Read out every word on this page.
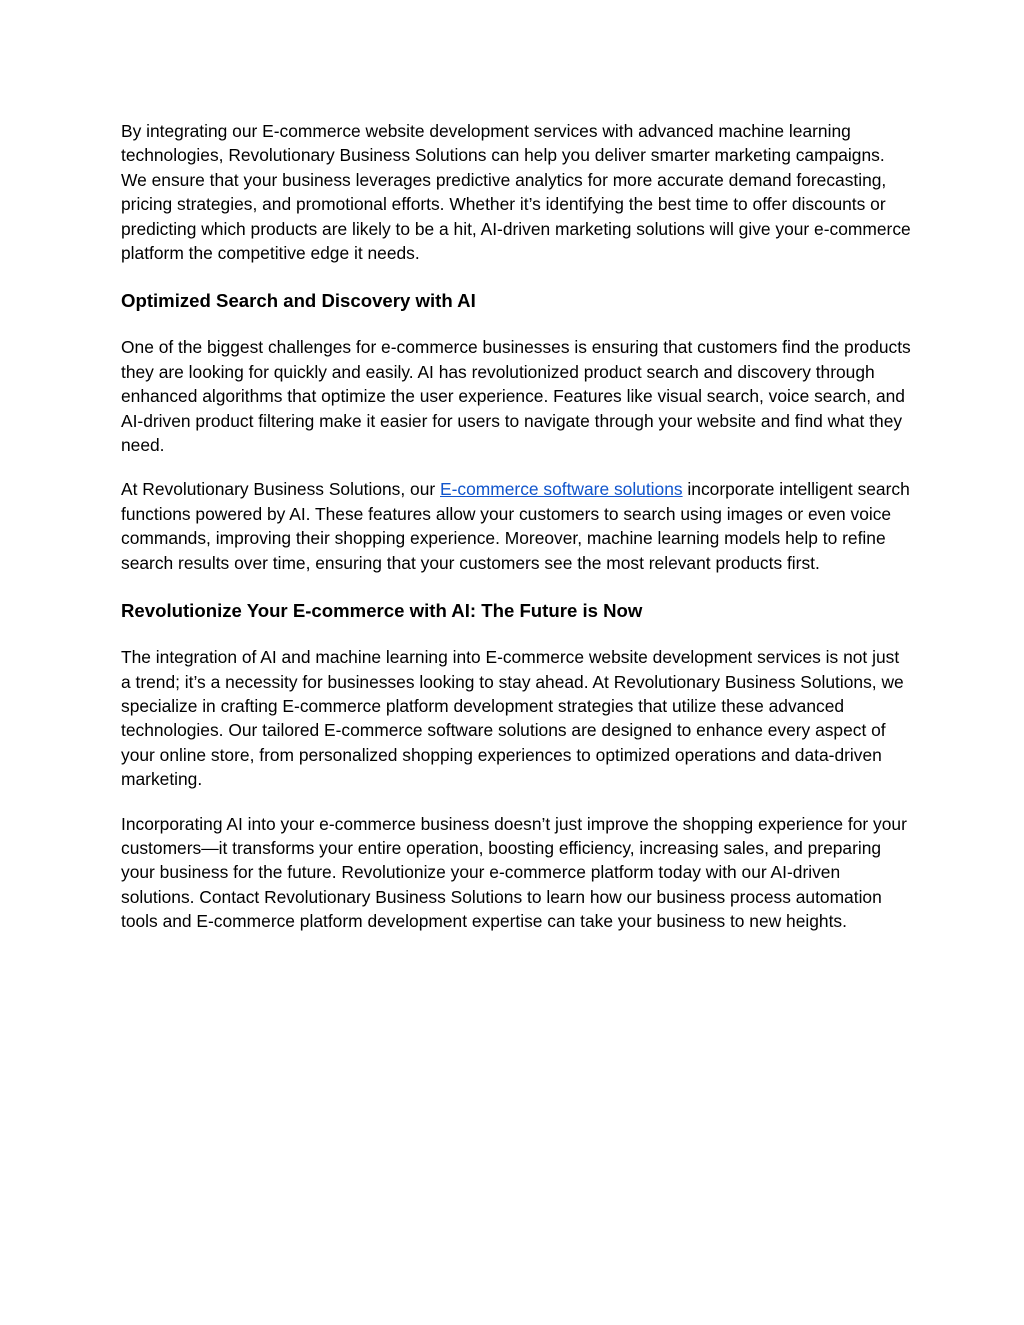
By integrating our E-commerce website development services with advanced machine learning technologies, Revolutionary Business Solutions can help you deliver smarter marketing campaigns. We ensure that your business leverages predictive analytics for more accurate demand forecasting, pricing strategies, and promotional efforts. Whether it’s identifying the best time to offer discounts or predicting which products are likely to be a hit, AI-driven marketing solutions will give your e-commerce platform the competitive edge it needs.

Optimized Search and Discovery with AI

One of the biggest challenges for e-commerce businesses is ensuring that customers find the products they are looking for quickly and easily. AI has revolutionized product search and discovery through enhanced algorithms that optimize the user experience. Features like visual search, voice search, and AI-driven product filtering make it easier for users to navigate through your website and find what they need.

At Revolutionary Business Solutions, our E-commerce software solutions incorporate intelligent search functions powered by AI. These features allow your customers to search using images or even voice commands, improving their shopping experience. Moreover, machine learning models help to refine search results over time, ensuring that your customers see the most relevant products first.

Revolutionize Your E-commerce with AI: The Future is Now

The integration of AI and machine learning into E-commerce website development services is not just a trend; it’s a necessity for businesses looking to stay ahead. At Revolutionary Business Solutions, we specialize in crafting E-commerce platform development strategies that utilize these advanced technologies. Our tailored E-commerce software solutions are designed to enhance every aspect of your online store, from personalized shopping experiences to optimized operations and data-driven marketing.

Incorporating AI into your e-commerce business doesn’t just improve the shopping experience for your customers—it transforms your entire operation, boosting efficiency, increasing sales, and preparing your business for the future. Revolutionize your e-commerce platform today with our AI-driven solutions. Contact Revolutionary Business Solutions to learn how our business process automation tools and E-commerce platform development expertise can take your business to new heights.
